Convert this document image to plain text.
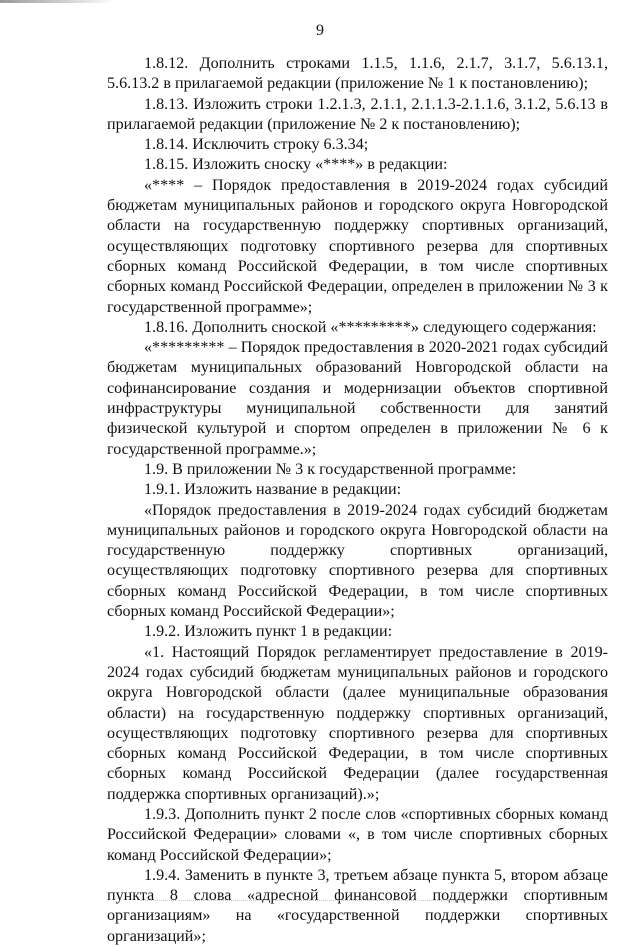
9

1.8.12. Дополнить строками 1.1.5, 1.1.6, 2.1.7, 3.1.7, 5.6.13.1, 5.6.13.2 в прилагаемой редакции (приложение № 1 к постановлению);

1.8.13. Изложить строки 1.2.1.3, 2.1.1, 2.1.1.3-2.1.1.6, 3.1.2, 5.6.13 в прилагаемой редакции (приложение № 2 к постановлению);

1.8.14. Исключить строку 6.3.34;

1.8.15. Изложить сноску «****» в редакции:

«**** – Порядок предоставления в 2019-2024 годах субсидий бюджетам муниципальных районов и городского округа Новгородской области на государственную поддержку спортивных организаций, осуществляющих подготовку спортивного резерва для спортивных сборных команд Российской Федерации, в том числе спортивных сборных команд Российской Федерации, определен в приложении № 3 к государственной программе»;

1.8.16. Дополнить сноской «*********» следующего содержания:

«********* – Порядок предоставления в 2020-2021 годах субсидий бюджетам муниципальных образований Новгородской области на софинансирование создания и модернизации объектов спортивной инфраструктуры муниципальной собственности для занятий физической культурой и спортом определен в приложении № 6 к государственной программе.»;

1.9. В приложении № 3 к государственной программе:

1.9.1. Изложить название в редакции:

«Порядок предоставления в 2019-2024 годах субсидий бюджетам муниципальных районов и городского округа Новгородской области на государственную поддержку спортивных организаций, осуществляющих подготовку спортивного резерва для спортивных сборных команд Российской Федерации, в том числе спортивных сборных команд Российской Федерации»;

1.9.2. Изложить пункт 1 в редакции:

«1. Настоящий Порядок регламентирует предоставление в 2019-2024 годах субсидий бюджетам муниципальных районов и городского округа Новгородской области (далее муниципальные образования области) на государственную поддержку спортивных организаций, осуществляющих подготовку спортивного резерва для спортивных сборных команд Российской Федерации, в том числе спортивных сборных команд Российской Федерации (далее государственная поддержка спортивных организаций).»;

1.9.3. Дополнить пункт 2 после слов «спортивных сборных команд Российской Федерации» словами «, в том числе спортивных сборных команд Российской Федерации»;

1.9.4. Заменить в пункте 3, третьем абзаце пункта 5, втором абзаце пункта 8 слова «адресной финансовой поддержки спортивным организациям» на «государственной поддержки спортивных организаций»;
